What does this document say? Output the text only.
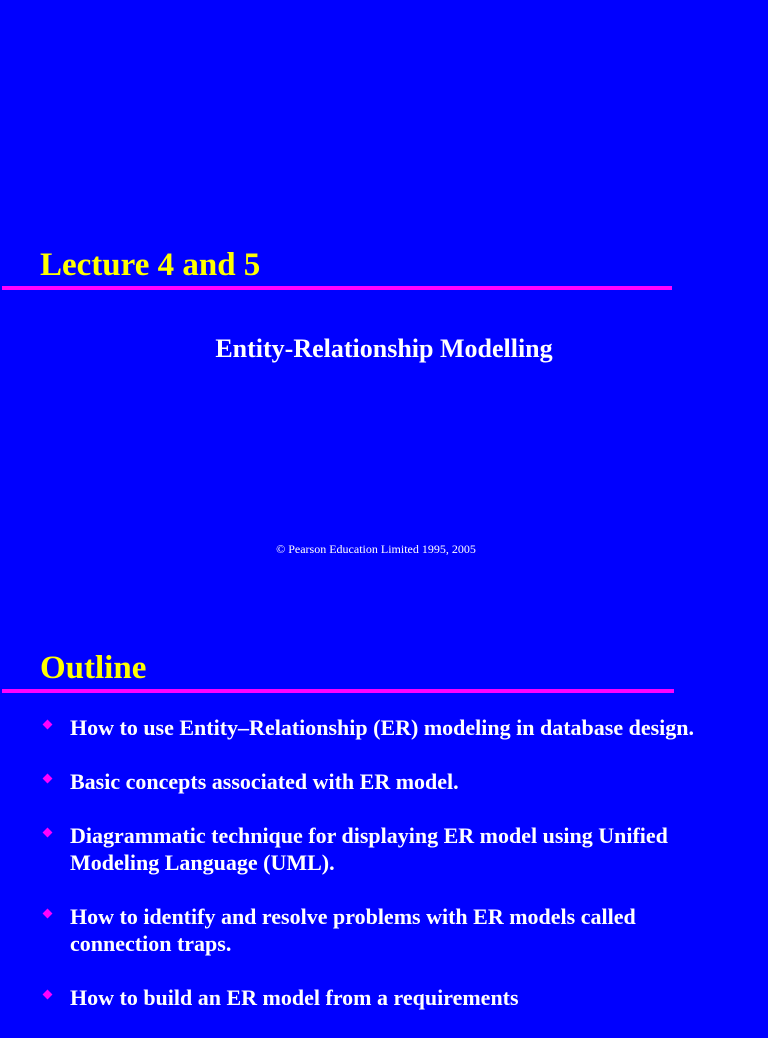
Lecture 4 and 5
Entity-Relationship Modelling
© Pearson Education Limited 1995, 2005
Outline
How to use Entity–Relationship (ER) modeling in database design.
Basic concepts associated with ER model.
Diagrammatic technique for displaying ER model using Unified Modeling Language (UML).
How to identify and resolve problems with ER models called connection traps.
How to build an ER model from a requirements
